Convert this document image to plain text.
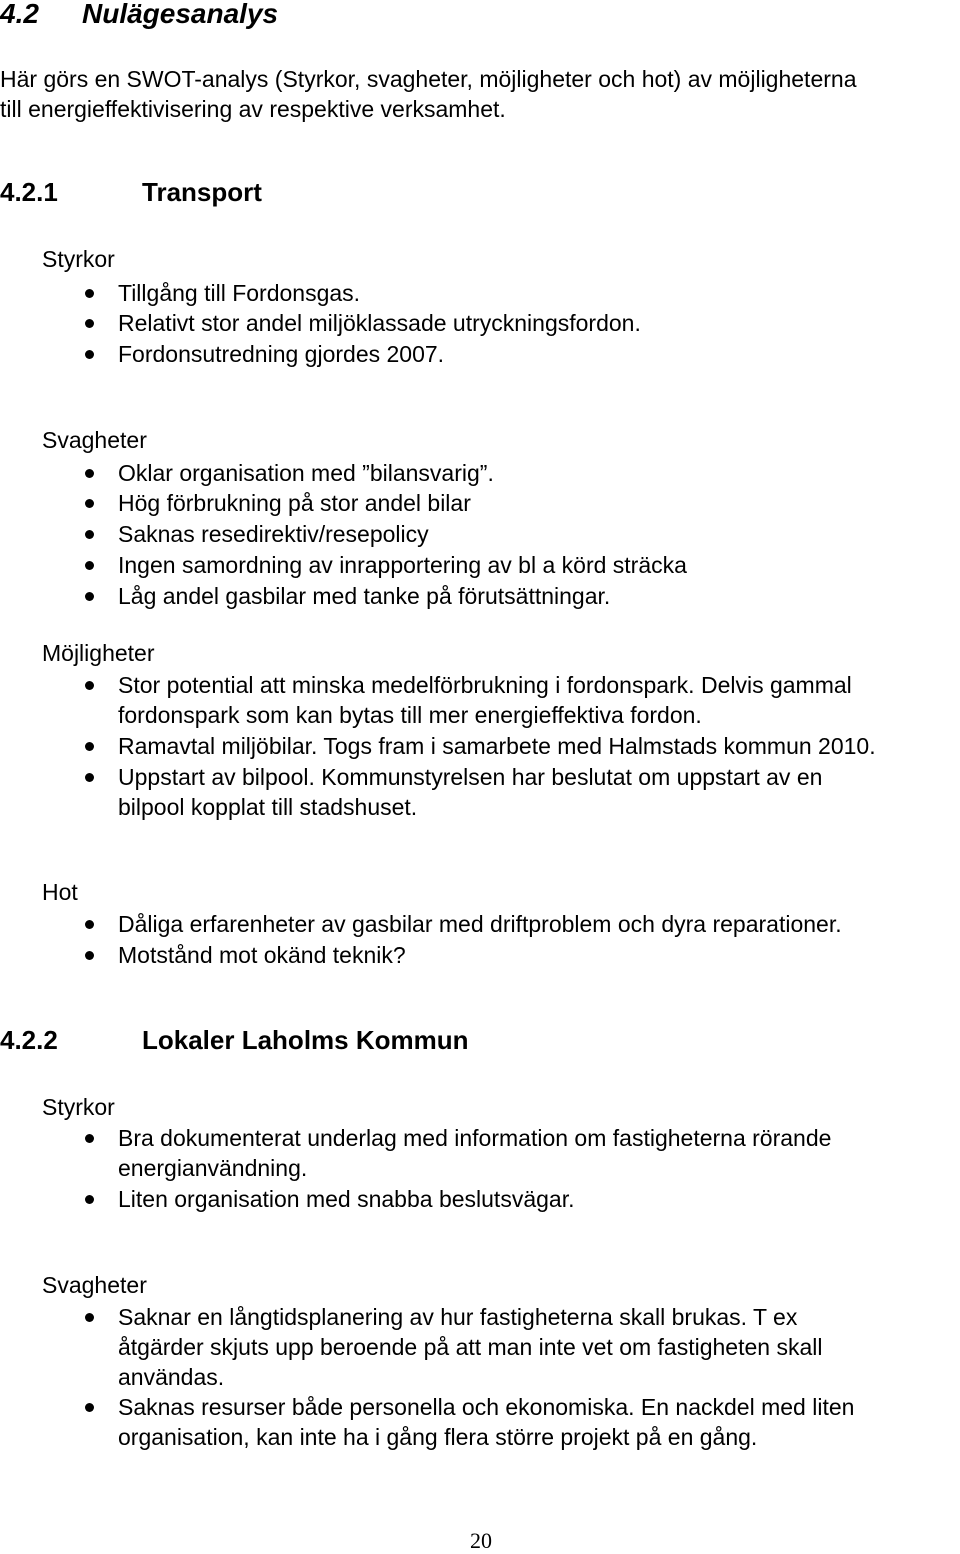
4.2 Nulägesanalys
Här görs en SWOT-analys (Styrkor, svagheter, möjligheter och hot) av möjligheterna
till energieffektivisering av respektive verksamhet.
4.2.1	Transport
Styrkor
Tillgång till Fordonsgas.
Relativt stor andel miljöklassade utryckningsfordon.
Fordonsutredning gjordes 2007.
Svagheter
Oklar organisation med ”bilansvarig”.
Hög förbrukning på stor andel bilar
Saknas resedirektiv/resepolicy
Ingen samordning av inrapportering av bl a körd sträcka
Låg andel gasbilar med tanke på förutsättningar.
Möjligheter
Stor potential att minska medelförbrukning i fordonspark. Delvis gammal
fordonspark som kan bytas till mer energieffektiva fordon.
Ramavtal miljöbilar. Togs fram i samarbete med Halmstads kommun 2010.
Uppstart av bilpool. Kommunstyrelsen har beslutat om uppstart av en
bilpool kopplat till stadshuset.
Hot
Dåliga erfarenheter av gasbilar med driftproblem och dyra reparationer.
Motstånd mot okänd teknik?
4.2.2	Lokaler Laholms Kommun
Styrkor
Bra dokumenterat underlag med information om fastigheterna rörande
energianvändning.
Liten organisation med snabba beslutsvägar.
Svagheter
Saknar en långtidsplanering av hur fastigheterna skall brukas. T ex
åtgärder skjuts upp beroende på att man inte vet om fastigheten skall
användas.
Saknas resurser både personella och ekonomiska. En nackdel med liten
organisation, kan inte ha i gång flera större projekt på en gång.
20
